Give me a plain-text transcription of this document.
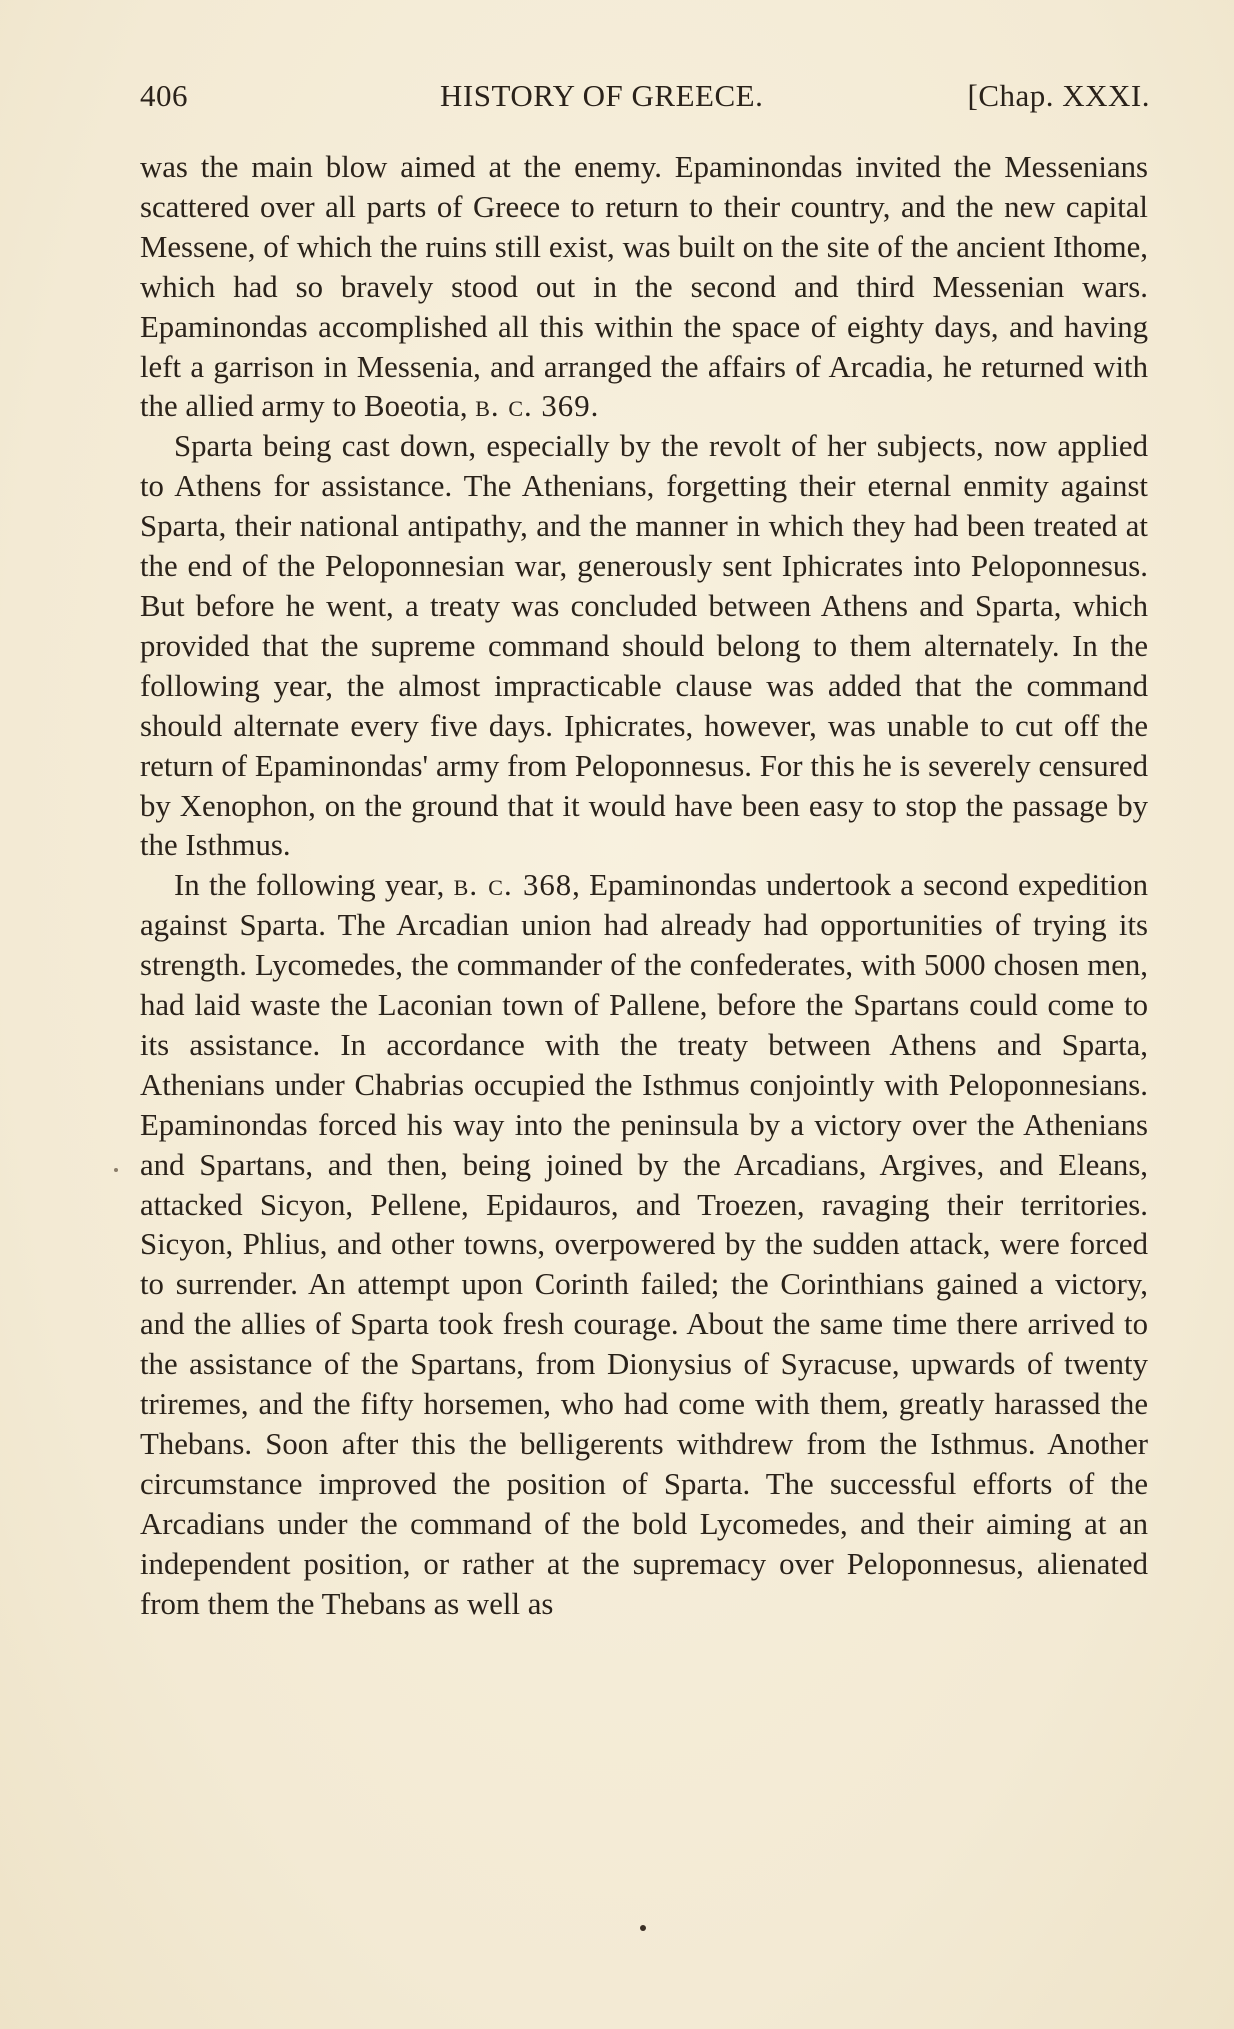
406	HISTORY OF GREECE.	[Chap. XXXI.

was the main blow aimed at the enemy. Epaminondas invited the Messenians scattered over all parts of Greece to return to their country, and the new capital Messene, of which the ruins still exist, was built on the site of the ancient Ithome, which had so bravely stood out in the second and third Messenian wars. Epaminondas accomplished all this within the space of eighty days, and having left a garrison in Messenia, and arranged the affairs of Arcadia, he returned with the allied army to Boeotia, b. c. 369.

Sparta being cast down, especially by the revolt of her subjects, now applied to Athens for assistance. The Athenians, forgetting their eternal enmity against Sparta, their national antipathy, and the manner in which they had been treated at the end of the Peloponnesian war, generously sent Iphicrates into Peloponnesus. But before he went, a treaty was concluded between Athens and Sparta, which provided that the supreme command should belong to them alternately. In the following year, the almost impracticable clause was added that the command should alternate every five days. Iphicrates, however, was unable to cut off the return of Epaminondas' army from Peloponnesus. For this he is severely censured by Xenophon, on the ground that it would have been easy to stop the passage by the Isthmus.

In the following year, b. c. 368, Epaminondas undertook a second expedition against Sparta. The Arcadian union had already had opportunities of trying its strength. Lycomedes, the commander of the confederates, with 5000 chosen men, had laid waste the Laconian town of Pallene, before the Spartans could come to its assistance. In accordance with the treaty between Athens and Sparta, Athenians under Chabrias occupied the Isthmus conjointly with Peloponnesians. Epaminondas forced his way into the peninsula by a victory over the Athenians and Spartans, and then, being joined by the Arcadians, Argives, and Eleans, attacked Sicyon, Pellene, Epidauros, and Troezen, ravaging their territories. Sicyon, Phlius, and other towns, overpowered by the sudden attack, were forced to surrender. An attempt upon Corinth failed; the Corinthians gained a victory, and the allies of Sparta took fresh courage. About the same time there arrived to the assistance of the Spartans, from Dionysius of Syracuse, upwards of twenty triremes, and the fifty horsemen, who had come with them, greatly harassed the Thebans. Soon after this the belligerents withdrew from the Isthmus. Another circumstance improved the position of Sparta. The successful efforts of the Arcadians under the command of the bold Lycomedes, and their aiming at an independent position, or rather at the supremacy over Peloponnesus, alienated from them the Thebans as well as
